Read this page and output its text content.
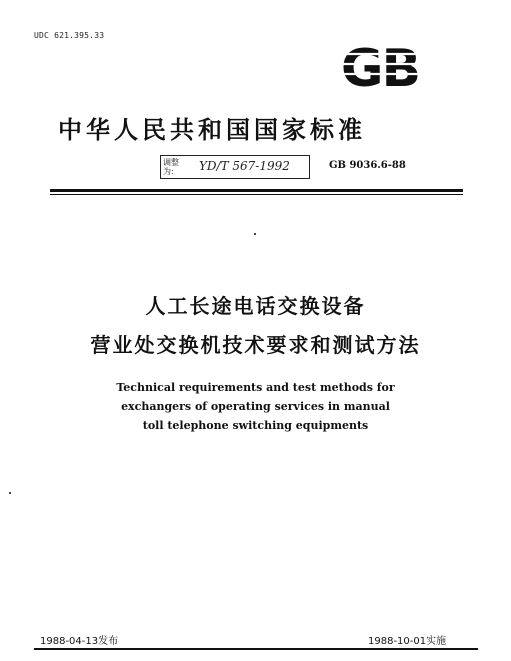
UDC 621.395.33
GB
中华人民共和国国家标准
调整为:	YD/T 567-1992	GB 9036.6-88
人工长途电话交换设备
营业处交换机技术要求和测试方法
Technical requirements and test methods for
exchangers of operating services in manual
toll telephone switching equipments
1988-04-13发布	1988-10-01实施
